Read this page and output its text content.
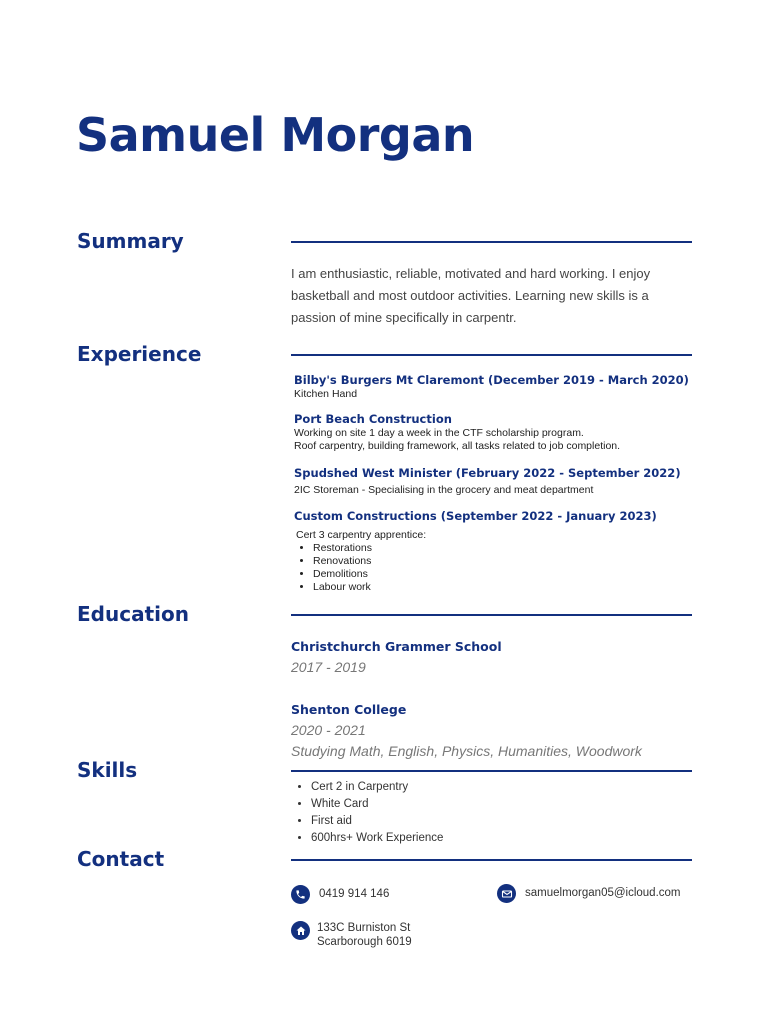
Samuel Morgan
Summary

I am enthusiastic, reliable, motivated and hard working. I enjoy basketball and most outdoor activities. Learning new skills is a passion of mine specifically in carpentr.

Experience
Bilby's Burgers Mt Claremont (December 2019 - March 2020)
Kitchen Hand
Port Beach Construction
Working on site 1 day a week in the CTF scholarship program.
Roof carpentry, building framework, all tasks related to job completion.
Spudshed West Minister (February 2022 - September 2022)
2IC Storeman - Specialising in the grocery and meat department
Custom Constructions (September 2022 - January 2023)
Cert 3 carpentry apprentice:
• Restorations
• Renovations
• Demolitions
• Labour work
Education
Christchurch Grammer School
2017 - 2019
Shenton College
2020 - 2021
Studying Math, English, Physics, Humanities, Woodwork
Skills
• Cert 2 in Carpentry
• White Card
• First aid
• 600hrs+ Work Experience
Contact
0419 914 146	samuelmorgan05@icloud.com
133C Burniston St
Scarborough 6019
